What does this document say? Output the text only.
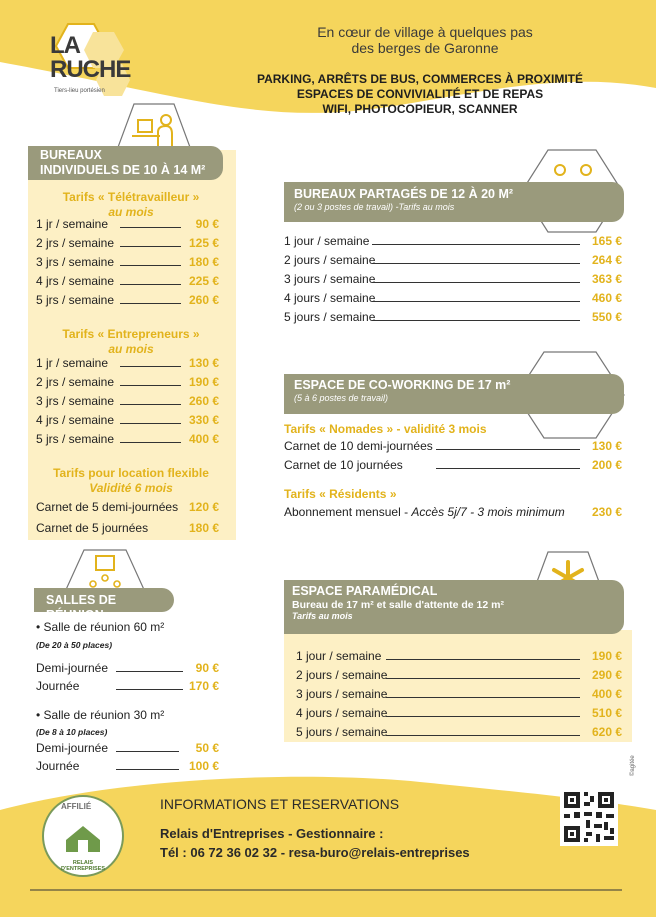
LA RUCHE
Tiers-lieu portésien
En cœur de village à quelques pas
des berges de Garonne
PARKING, ARRÊTS DE BUS, COMMERCES À PROXIMITÉ
ESPACES DE CONVIVIALITÉ ET DE REPAS
WIFI, PHOTOCOPIEUR, SCANNER
BUREAUX
INDIVIDUELS DE 10 À 14 M²
Tarifs « Télétravailleur »
au mois
1 jr / semaine	90 €
2 jrs / semaine	125 €
3 jrs / semaine	180 €
4 jrs / semaine	225 €
5 jrs / semaine	260 €
Tarifs « Entrepreneurs »
au mois
1 jr / semaine	130 €
2 jrs / semaine	190 €
3 jrs / semaine	260 €
4 jrs / semaine	330 €
5 jrs / semaine	400 €
Tarifs pour location flexible
Validité 6 mois
Carnet de 5 demi-journées 120 €
Carnet de 5 journées	180 €
BUREAUX PARTAGÉS DE 12 À 20 M²
(2 ou 3 postes de travail) -Tarifs au mois
1 jour / semaine	165 €
2 jours / semaine	264 €
3 jours / semaine	363 €
4 jours / semaine	460 €
5 jours / semaine	550 €
ESPACE DE CO-WORKING DE 17 m²
(5 à 6 postes de travail)
Tarifs « Nomades » - validité 3 mois
Carnet de 10 demi-journées	130 €
Carnet de 10 journées	200 €
Tarifs « Résidents »
Abonnement mensuel - Accès 5j/7 - 3 mois minimum 230 €
SALLES DE RÉUNION
• Salle de réunion 60 m²
(De 20 à 50 places)
Demi-journée	90 €
Journée	170 €
• Salle de réunion 30 m²
(De 8 à 10 places)
Demi-journée	50 €
Journée	100 €
ESPACE PARAMÉDICAL
Bureau de 17 m² et salle d'attente de 12 m²
Tarifs au mois
1 jour / semaine	190 €
2 jours / semaine	290 €
3 jours / semaine	400 €
4 jours / semaine	510 €
5 jours / semaine	620 €
AFFILIÉ
RELAIS D'ENTREPRISES
INFORMATIONS ET RESERVATIONS
Relais d'Entreprises - Gestionnaire :
Tél : 06 72 36 02 32 - resa-buro@relais-entreprises
©agitée
